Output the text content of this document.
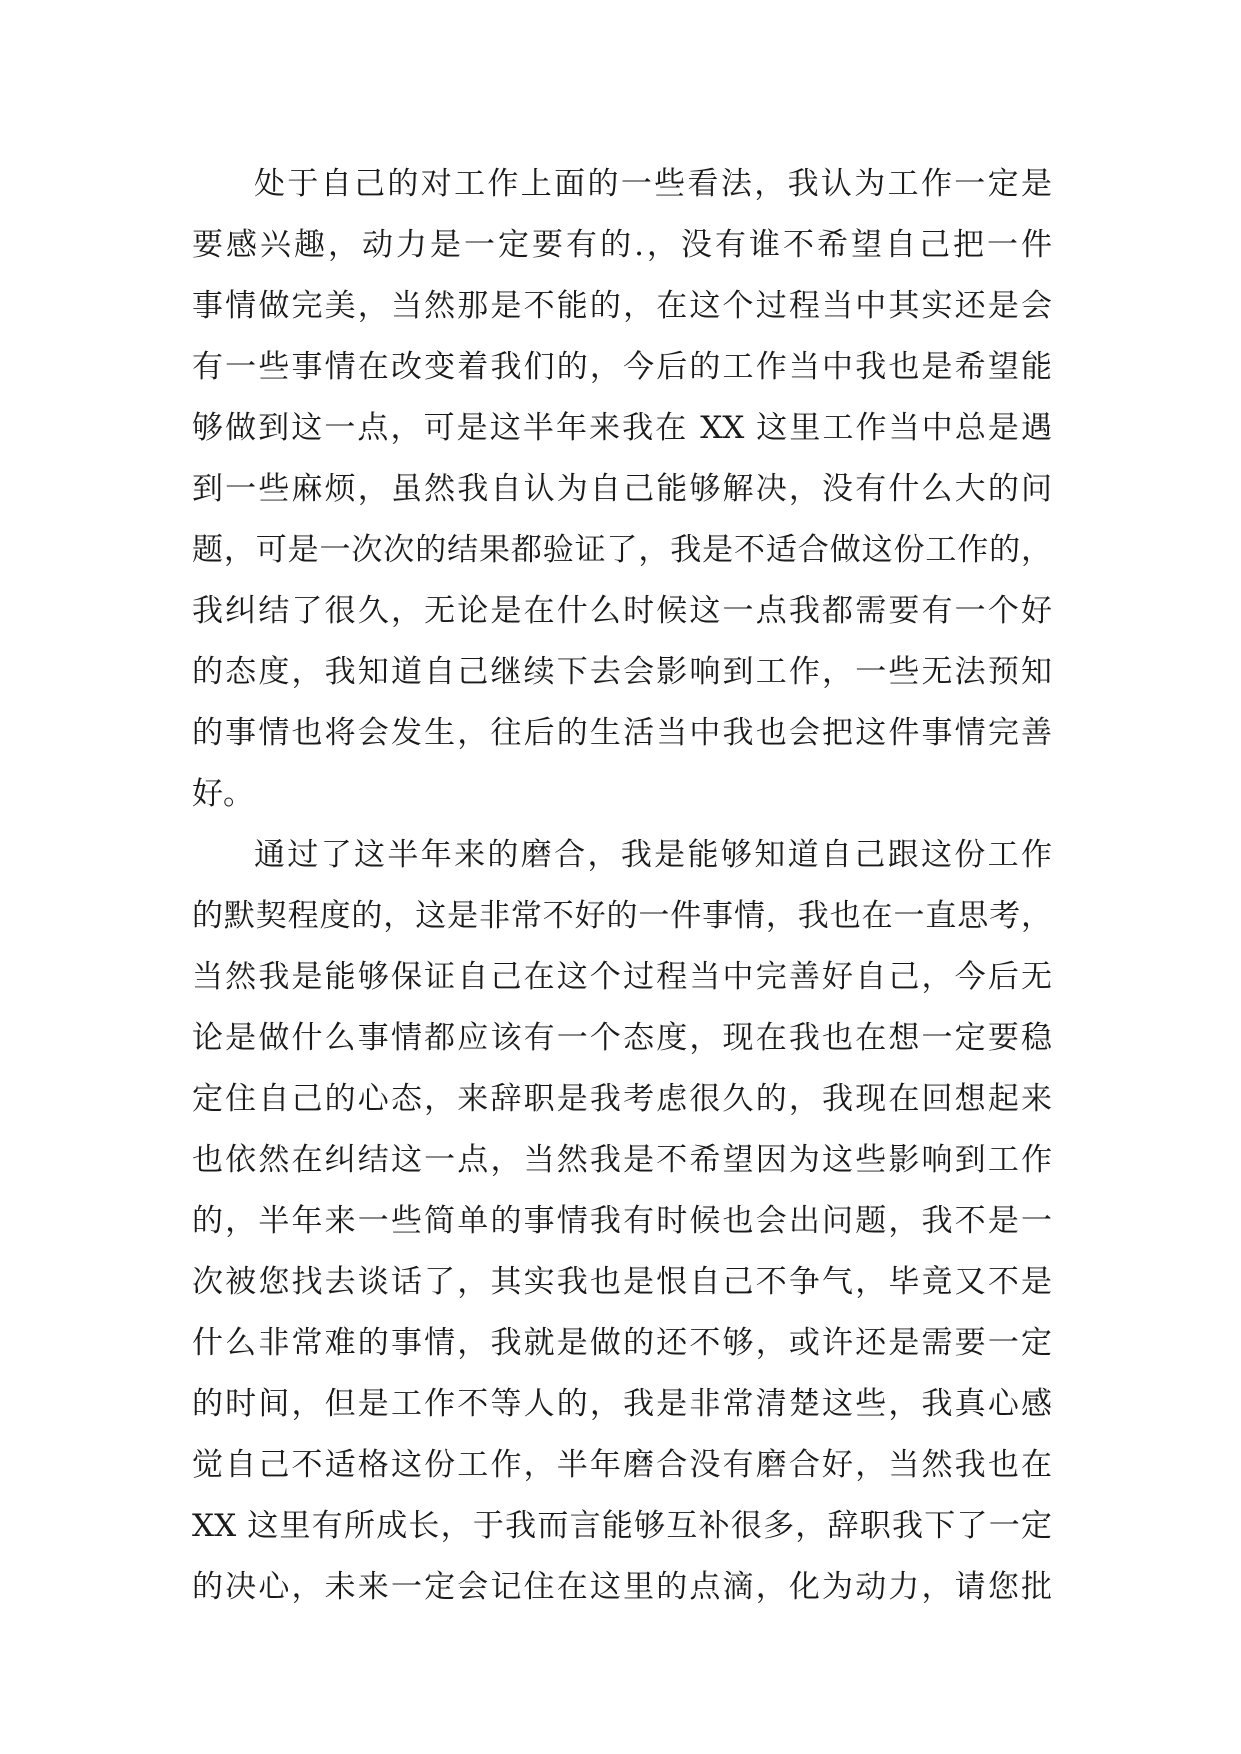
处于自己的对工作上面的一些看法，我认为工作一定是
要感兴趣，动力是一定要有的.，没有谁不希望自己把一件
事情做完美，当然那是不能的，在这个过程当中其实还是会
有一些事情在改变着我们的，今后的工作当中我也是希望能
够做到这一点，可是这半年来我在 XX 这里工作当中总是遇
到一些麻烦，虽然我自认为自己能够解决，没有什么大的问
题，可是一次次的结果都验证了，我是不适合做这份工作的，
我纠结了很久，无论是在什么时候这一点我都需要有一个好
的态度，我知道自己继续下去会影响到工作，一些无法预知
的事情也将会发生，往后的生活当中我也会把这件事情完善
好。
通过了这半年来的磨合，我是能够知道自己跟这份工作
的默契程度的，这是非常不好的一件事情，我也在一直思考，
当然我是能够保证自己在这个过程当中完善好自己，今后无
论是做什么事情都应该有一个态度，现在我也在想一定要稳
定住自己的心态，来辞职是我考虑很久的，我现在回想起来
也依然在纠结这一点，当然我是不希望因为这些影响到工作
的，半年来一些简单的事情我有时候也会出问题，我不是一
次被您找去谈话了，其实我也是恨自己不争气，毕竟又不是
什么非常难的事情，我就是做的还不够，或许还是需要一定
的时间，但是工作不等人的，我是非常清楚这些，我真心感
觉自己不适格这份工作，半年磨合没有磨合好，当然我也在
XX 这里有所成长，于我而言能够互补很多，辞职我下了一定
的决心，未来一定会记住在这里的点滴，化为动力，请您批
